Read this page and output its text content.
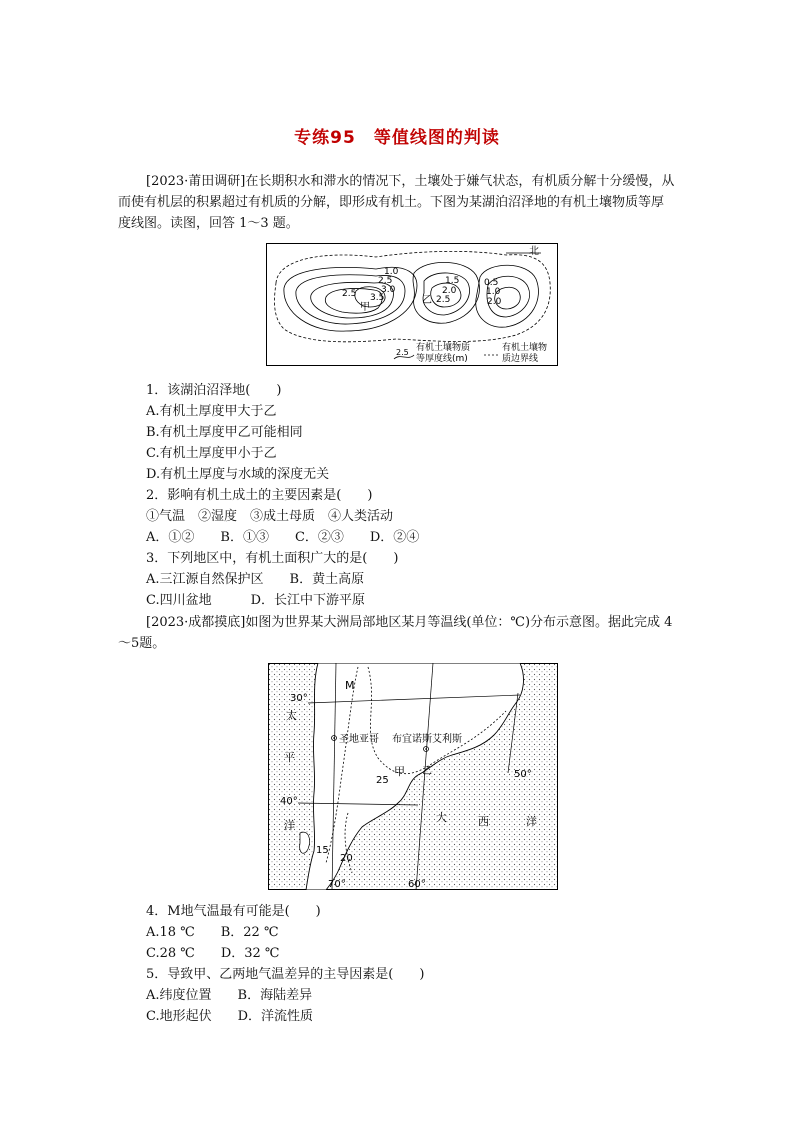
专练95　等值线图的判读
[2023·莆田调研]在长期积水和滞水的情况下，土壤处于嫌气状态，有机质分解十分缓慢，从而使有机层的积累超过有机质的分解，即形成有机土。下图为某湖泊沼泽地的有机土壤物质等厚度线图。读图，回答 1～3 题。
北
1.0
2.5
3.0
3.5
2.5
1.5
2.0
2.5
0.5
1.0
2.0
甲
乙
2.5 有机土壤物质
等厚度线(m)
有机土壤物
质边界线
1．该湖泊沼泽地(　　)
A.有机土厚度甲大于乙
B.有机土厚度甲乙可能相同
C.有机土厚度甲小于乙
D.有机土厚度与水域的深度无关
2．影响有机土成土的主要因素是(　　)
①气温　②湿度　③成土母质　④人类活动
A．①②　　B．①③　　C．②③　　D．②④
3．下列地区中，有机土面积广大的是(　　)
A.三江源自然保护区　　B．黄土高原
C.四川盆地　　　D．长江中下游平原
[2023·成都摸底]如图为世界某大洲局部地区某月等温线(单位：℃)分布示意图。据此完成 4～5题。
30°
40°
70°	60°
50°
M
圣地亚哥 布宜诺斯艾利斯
甲 乙
25
20
15
太
平
洋
大	西	洋
4．M地气温最有可能是(　　)
A.18 ℃　　B．22 ℃
C.28 ℃　　D．32 ℃
5．导致甲、乙两地气温差异的主导因素是(　　)
A.纬度位置　　B．海陆差异
C.地形起伏　　D．洋流性质
